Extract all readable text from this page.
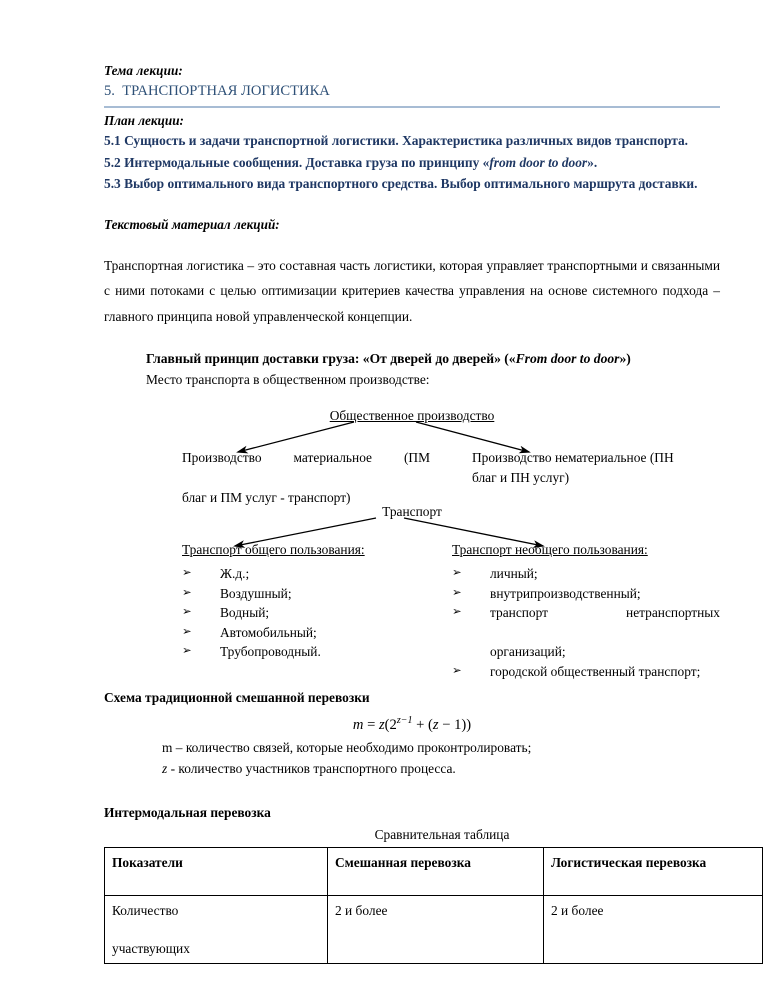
Тема лекции:
5. ТРАНСПОРТНАЯ ЛОГИСТИКА
План лекции:
5.1 Сущность и задачи транспортной логистики. Характеристика различных видов транспорта.
5.2 Интермодальные сообщения. Доставка груза по принципу «from door to door».
5.3 Выбор оптимального вида транспортного средства. Выбор оптимального маршрута доставки.
Текстовый материал лекций:
Транспортная логистика – это составная часть логистики, которая управляет транспортными и связанными с ними потоками с целью оптимизации критериев качества управления на основе системного подхода – главного принципа новой управленческой концепции.
Главный принцип доставки груза: «От дверей до дверей» («From door to door»)
Место транспорта в общественном производстве:
Общественное производство
Производство материальное (ПМ
благ и ПМ услуг - транспорт)
Производство нематериальное (ПН
благ и ПН услуг)
Транспорт
Транспорт общего пользования:	Транспорт необщего пользования:
➢ Ж.д.;
➢ Воздушный;
➢ Водный;
➢ Автомобильный;
➢ Трубопроводный.
➢ личный;
➢ внутрипроизводственный;
➢ транспорт нетранспортныхорганизаций;
➢ городской общественный транспорт;
Схема традиционной смешанной перевозки
$m = z(2^{z-1} + (z - 1))$
m – количество связей, которые необходимо проконтролировать;
z - количество участников транспортного процесса.
Интермодальная перевозка
Сравнительная таблица
Показатели	Смешанная перевозка	Логистическая перевозка
Количествоучаствующих	2 и более	2 и более
